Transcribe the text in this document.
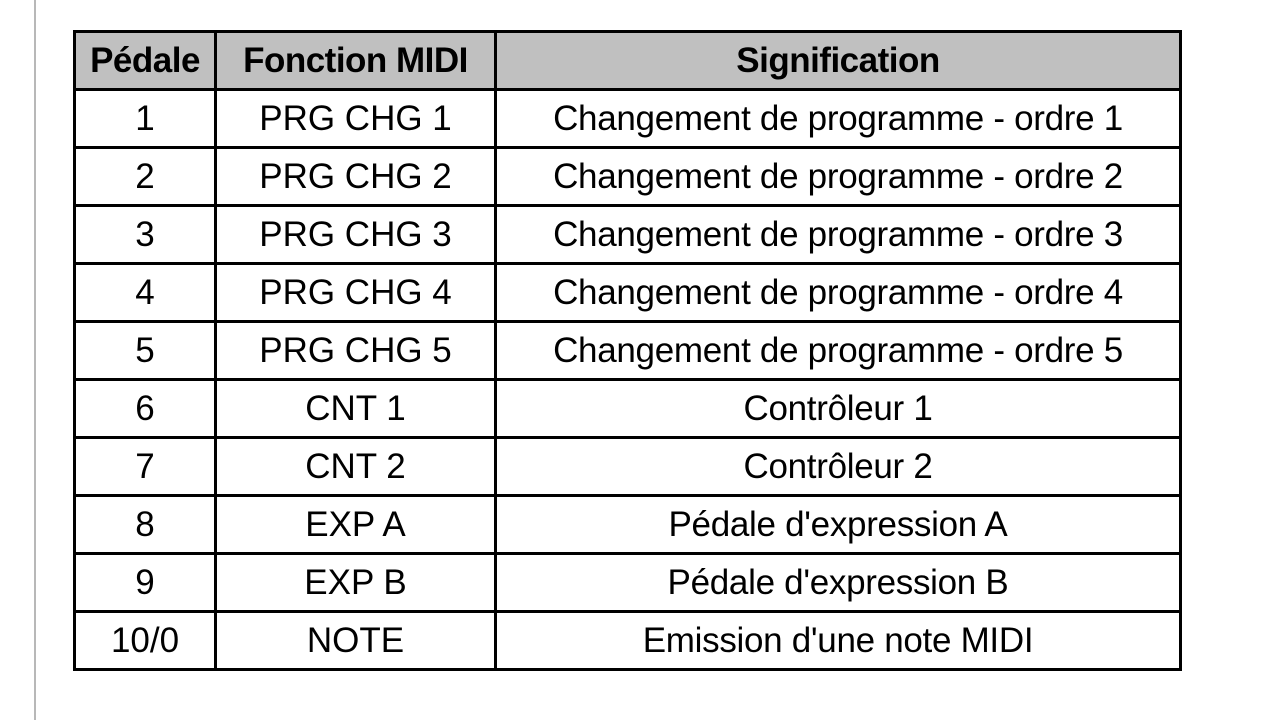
Pédale	Fonction MIDI	Signification
1	PRG CHG 1	Changement de programme - ordre 1
2	PRG CHG 2	Changement de programme - ordre 2
3	PRG CHG 3	Changement de programme - ordre 3
4	PRG CHG 4	Changement de programme - ordre 4
5	PRG CHG 5	Changement de programme - ordre 5
6	CNT 1	Contrôleur 1
7	CNT 2	Contrôleur 2
8	EXP A	Pédale d'expression A
9	EXP B	Pédale d'expression B
10/0	NOTE	Emission d'une note MIDI
